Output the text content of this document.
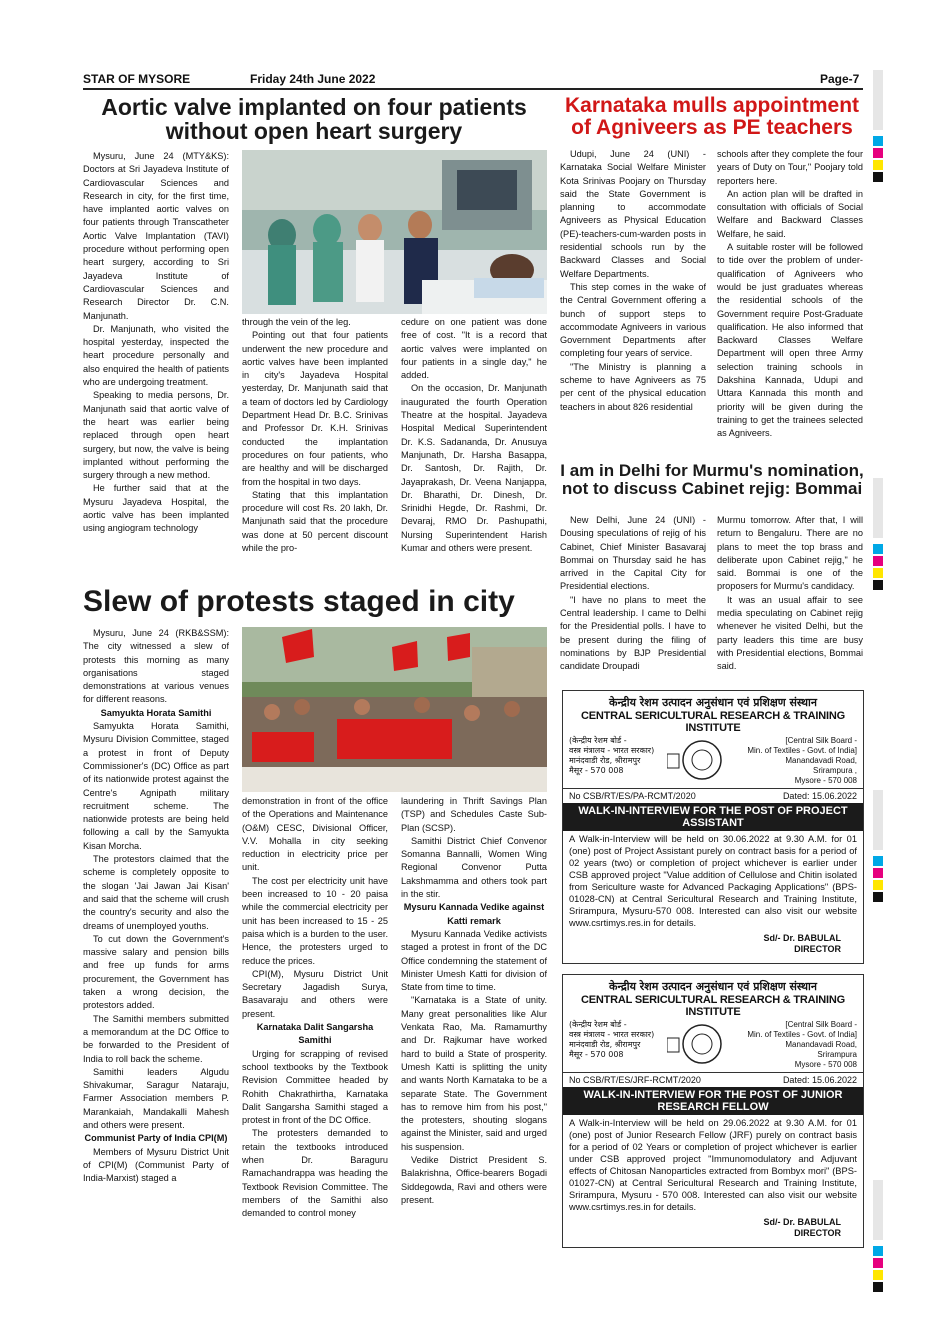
STAR OF MYSORE	Friday 24th June 2022	Page-7
Aortic valve implanted on four patients
without open heart surgery

Mysuru, June 24 (MTY&KS): Doctors at Sri Jayadeva Institute of Cardiovascular Sciences and Research in city, for the first time, have implanted aortic valves on four patients through Transcatheter Aortic Valve Implantation (TAVI) procedure without performing open heart surgery, according to Sri Jayadeva Institute of Cardiovascular Sciences and Research Director Dr. C.N. Manjunath.

Dr. Manjunath, who visited the hospital yesterday, inspected the heart procedure personally and also enquired the health of patients who are undergoing treatment.

Speaking to media persons, Dr. Manjunath said that aortic valve of the heart was earlier being replaced through open heart surgery, but now, the valve is being implanted without performing the surgery through a new method.

He further said that at the Mysuru Jayadeva Hospital, the aortic valve has been implanted using angiogram technology

through the vein of the leg.

Pointing out that four patients underwent the new procedure and aortic valves have been implanted in city's Jayadeva Hospital yesterday, Dr. Manjunath said that a team of doctors led by Cardiology Department Head Dr. B.C. Srinivas and Professor Dr. K.H. Srinivas conducted the implantation procedures on four patients, who are healthy and will be discharged from the hospital in two days.

Stating that this implantation procedure will cost Rs. 20 lakh, Dr. Manjunath said that the procedure was done at 50 percent discount while the pro-

cedure on one patient was done free of cost. "It is a record that aortic valves were implanted on four patients in a single day," he added.

On the occasion, Dr. Manjunath inaugurated the fourth Operation Theatre at the hospital. Jayadeva Hospital Medical Superintendent Dr. K.S. Sadananda, Dr. Anusuya Manjunath, Dr. Harsha Basappa, Dr. Santosh, Dr. Rajith, Dr. Jayaprakash, Dr. Veena Nanjappa, Dr. Bharathi, Dr. Dinesh, Dr. Srinidhi Hegde, Dr. Rashmi, Dr. Devaraj, RMO Dr. Pashupathi, Nursing Superintendent Harish Kumar and others were present.

Karnataka mulls appointment
of Agniveers as PE teachers

Udupi, June 24 (UNI) - Karnataka Social Welfare Minister Kota Srinivas Poojary on Thursday said the State Government is planning to accommodate Agniveers as Physical Education (PE)-teachers-cum-warden posts in residential schools run by the Backward Classes and Social Welfare Departments.

This step comes in the wake of the Central Government offering a bunch of support steps to accommodate Agniveers in various Government Departments after completing four years of service.

"The Ministry is planning a scheme to have Agniveers as 75 per cent of the physical education teachers in about 826 residential

schools after they complete the four years of Duty on Tour," Poojary told reporters here.

An action plan will be drafted in consultation with officials of Social Welfare and Backward Classes Welfare, he said.

A suitable roster will be followed to tide over the problem of under-qualification of Agniveers who would be just graduates whereas the residential schools of the Government require Post-Graduate qualification. He also informed that Backward Classes Welfare Department will open three Army selection training schools in Dakshina Kannada, Udupi and Uttara Kannada this month and priority will be given during the training to get the trainees selected as Agniveers.

I am in Delhi for Murmu's nomination,
not to discuss Cabinet rejig: Bommai

New Delhi, June 24 (UNI) - Dousing speculations of rejig of his Cabinet, Chief Minister Basavaraj Bommai on Thursday said he has arrived in the Capital City for Presidential elections.

"I have no plans to meet the Central leadership. I came to Delhi for the Presidential polls. I have to be present during the filing of nominations by BJP Presidential candidate Droupadi

Murmu tomorrow. After that, I will return to Bengaluru. There are no plans to meet the top brass and deliberate upon Cabinet rejig," he said. Bommai is one of the proposers for Murmu's candidacy.

It was an usual affair to see media speculating on Cabinet rejig whenever he visited Delhi, but the party leaders this time are busy with Presidential elections, Bommai said.

Slew of protests staged in city

Mysuru, June 24 (RKB&SSM): The city witnessed a slew of protests this morning as many organisations staged demonstrations at various venues for different reasons.

Samyukta Horata Samithi

Samyukta Horata Samithi, Mysuru Division Committee, staged a protest in front of Deputy Commissioner's (DC) Office as part of its nationwide protest against the Centre's Agnipath military recruitment scheme. The nationwide protests are being held following a call by the Samyukta Kisan Morcha.

The protestors claimed that the scheme is completely opposite to the slogan 'Jai Jawan Jai Kisan' and said that the scheme will crush the country's security and also the dreams of unemployed youths.

To cut down the Government's massive salary and pension bills and free up funds for arms procurement, the Government has taken a wrong decision, the protestors added.

The Samithi members submitted a memorandum at the DC Office to be forwarded to the President of India to roll back the scheme.

Samithi leaders Algudu Shivakumar, Saragur Nataraju, Farmer Association members P. Marankaiah, Mandakalli Mahesh and others were present.

Communist Party of India CPI(M)

Members of Mysuru District Unit of CPI(M) (Communist Party of India-Marxist) staged a

demonstration in front of the office of the Operations and Maintenance (O&M) CESC, Divisional Officer, V.V. Mohalla in city seeking reduction in electricity price per unit.

The cost per electricity unit have been increased to 10 - 20 paisa while the commercial electricity per unit has been increased to 15 - 25 paisa which is a burden to the user. Hence, the protesters urged to reduce the prices.

CPI(M), Mysuru District Unit Secretary Jagadish Surya, Basavaraju and others were present.

Karnataka Dalit Sangarsha Samithi

Urging for scrapping of revised school textbooks by the Textbook Revision Committee headed by Rohith Chakrathirtha, Karnataka Dalit Sangarsha Samithi staged a protest in front of the DC Office.

The protesters demanded to retain the textbooks introduced when Dr. Baraguru Ramachandrappa was heading the Textbook Revision Committee. The members of the Samithi also demanded to control money

laundering in Thrift Savings Plan (TSP) and Schedules Caste Sub-Plan (SCSP).

Samithi District Chief Convenor Somanna Bannalli, Women Wing Regional Convenor Putta Lakshmamma and others took part in the stir.

Mysuru Kannada Vedike against Katti remark

Mysuru Kannada Vedike activists staged a protest in front of the DC Office condemning the statement of Minister Umesh Katti for division of State from time to time.

"Karnataka is a State of unity. Many great personalities like Alur Venkata Rao, Ma. Ramamurthy and Dr. Rajkumar have worked hard to build a State of prosperity. Umesh Katti is splitting the unity and wants North Karnataka to be a separate State. The Government has to remove him from his post," the protesters, shouting slogans against the Minister, said and urged his suspension.

Vedike District President S. Balakrishna, Office-bearers Bogadi Siddegowda, Ravi and others were present.

केन्द्रीय रेशम उत्पादन अनुसंधान एवं प्रशिक्षण संस्थान
CENTRAL SERICULTURAL RESEARCH & TRAINING INSTITUTE
(केन्द्रीय रेशम बोर्ड -
वस्त्र मंत्रालय - भारत सरकार)
मानंदवाडी रोड, श्रीरामपुर
मैसूर - 570 008
[Central Silk Board -
Min. of Textiles - Govt. of India]
Manandavadi Road,
Srirampura ,
Mysore - 570 008
No CSB/RT/ES/PA-RCMT/2020	Dated: 15.06.2022
WALK-IN-INTERVIEW FOR THE POST OF PROJECT ASSISTANT
A Walk-in-Interview will be held on 30.06.2022 at 9.30 A.M. for 01 (one) post of Project Assistant purely on contract basis for a period of 02 years (two) or completion of project whichever is earlier under CSB approved project "Value addition of Cellulose and Chitin isolated from Sericulture waste for Advanced Packaging Applications" (BPS-01028-CN) at Central Sericultural Research and Training Institute, Srirampura, Mysuru-570 008. Interested can also visit our website www.csrtimys.res.in for details.
Sd/- Dr. BABULAL
DIRECTOR
केन्द्रीय रेशम उत्पादन अनुसंधान एवं प्रशिक्षण संस्थान
CENTRAL SERICULTURAL RESEARCH & TRAINING INSTITUTE
(केन्द्रीय रेशम बोर्ड -
वस्त्र मंत्रालय - भारत सरकार)
मानंदवाडी रोड, श्रीरामपुर
मैसूर - 570 008
[Central Silk Board -
Min. of Textiles - Govt. of India]
Manandavadi Road,
Srirampura
Mysore - 570 008
No CSB/RT/ES/JRF-RCMT/2020	Dated: 15.06.2022
WALK-IN-INTERVIEW FOR THE POST OF JUNIOR RESEARCH FELLOW
A Walk-in-Interview will be held on 29.06.2022 at 9.30 A.M. for 01 (one) post of Junior Research Fellow (JRF) purely on contract basis for a period of 02 Years or completion of project whichever is earlier under CSB approved project "Immunomodulatory and Adjuvant effects of Chitosan Nanoparticles extracted from Bombyx mori" (BPS-01027-CN) at Central Sericultural Research and Training Institute, Srirampura, Mysuru - 570 008. Interested can also visit our website www.csrtimys.res.in for details.
Sd/- Dr. BABULAL
DIRECTOR
